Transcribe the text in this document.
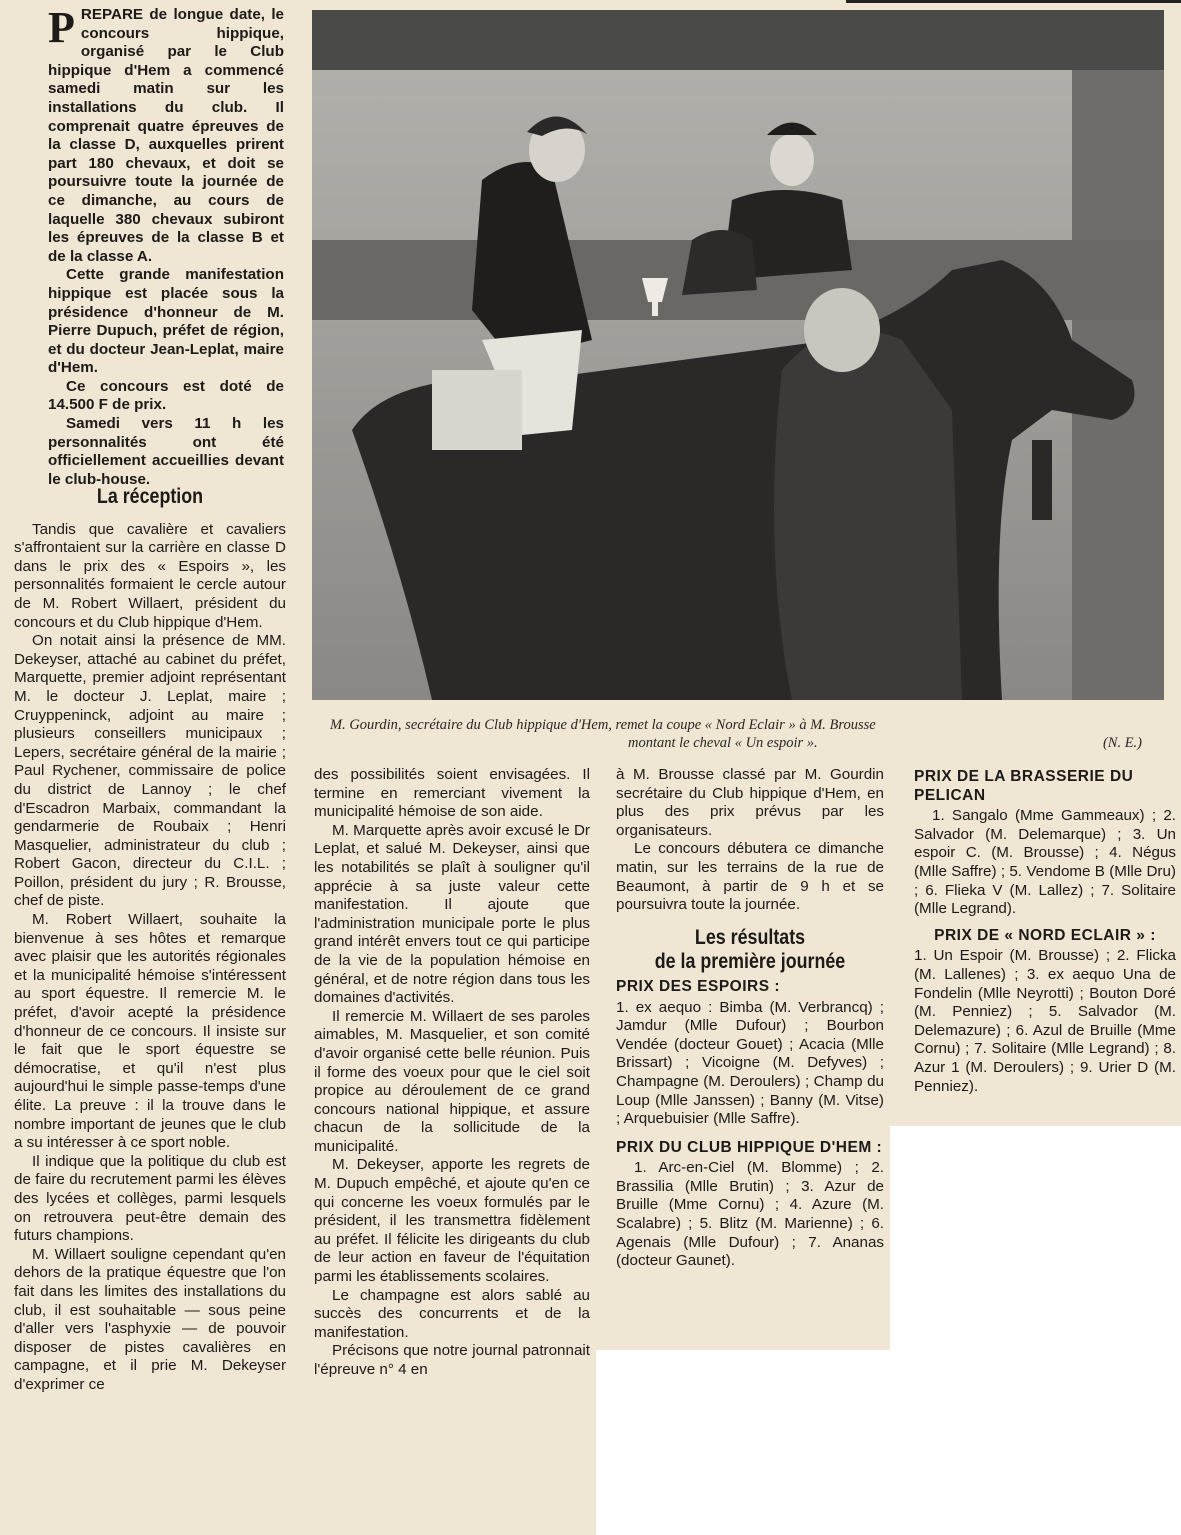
PREPARE de longue date, le concours hippique, organisé par le Club hippique d'Hem a commencé samedi matin sur les installations du club. Il comprenait quatre épreuves de la classe D, auxquelles prirent part 180 chevaux, et doit se poursuivre toute la journée de ce dimanche, au cours de laquelle 380 chevaux subiront les épreuves de la classe B et de la classe A.

Cette grande manifestation hippique est placée sous la présidence d'honneur de M. Pierre Dupuch, préfet de région, et du docteur Jean-Leplat, maire d'Hem.

Ce concours est doté de 14.500 F de prix.

Samedi vers 11 h les personnalités ont été officiellement accueillies devant le club-house.

La réception

Tandis que cavalière et cavaliers s'affrontaient sur la carrière en classe D dans le prix des « Espoirs », les personnalités formaient le cercle autour de M. Robert Willaert, président du concours et du Club hippique d'Hem.

On notait ainsi la présence de MM. Dekeyser, attaché au cabinet du préfet, Marquette, premier adjoint représentant M. le docteur J. Leplat, maire ; Cruyppeninck, adjoint au maire ; plusieurs conseillers municipaux ; Lepers, secrétaire général de la mairie ; Paul Rychener, commissaire de police du district de Lannoy ; le chef d'Escadron Marbaix, commandant la gendarmerie de Roubaix ; Henri Masquelier, administrateur du club ; Robert Gacon, directeur du C.I.L. ; Poillon, président du jury ; R. Brousse, chef de piste.

M. Robert Willaert, souhaite la bienvenue à ses hôtes et remarque avec plaisir que les autorités régionales et la municipalité hémoise s'intéressent au sport équestre. Il remercie M. le préfet, d'avoir acepté la présidence d'honneur de ce concours. Il insiste sur le fait que le sport équestre se démocratise, et qu'il n'est plus aujourd'hui le simple passe-temps d'une élite. La preuve : il la trouve dans le nombre important de jeunes que le club a su intéresser à ce sport noble.

Il indique que la politique du club est de faire du recrutement parmi les élèves des lycées et collèges, parmi lesquels on retrouvera peut-être demain des futurs champions.

M. Willaert souligne cependant qu'en dehors de la pratique équestre que l'on fait dans les limites des installations du club, il est souhaitable — sous peine d'aller vers l'asphyxie — de pouvoir disposer de pistes cavalières en campagne, et il prie M. Dekeyser d'exprimer ce

M. Gourdin, secrétaire du Club hippique d'Hem, remet la coupe « Nord Eclair » à M. Brousse
montant le cheval « Un espoir ».	(N. E.)

des possibilités soient envisagées. Il termine en remerciant vivement la municipalité hémoise de son aide.

M. Marquette après avoir excusé le Dr Leplat, et salué M. Dekeyser, ainsi que les notabilités se plaît à souligner qu'il apprécie à sa juste valeur cette manifestation. Il ajoute que l'administration municipale porte le plus grand intérêt envers tout ce qui participe de la vie de la population hémoise en général, et de notre région dans tous les domaines d'activités.

Il remercie M. Willaert de ses paroles aimables, M. Masquelier, et son comité d'avoir organisé cette belle réunion. Puis il forme des voeux pour que le ciel soit propice au déroulement de ce grand concours national hippique, et assure chacun de la sollicitude de la municipalité.

M. Dekeyser, apporte les regrets de M. Dupuch empêché, et ajoute qu'en ce qui concerne les voeux formulés par le président, il les transmettra fidèlement au préfet. Il félicite les dirigeants du club de leur action en faveur de l'équitation parmi les établissements scolaires.

Le champagne est alors sablé au succès des concurrents et de la manifestation.

Précisons que notre journal patronnait l'épreuve n° 4 en

à M. Brousse classé par M. Gourdin secrétaire du Club hippique d'Hem, en plus des prix prévus par les organisateurs.

Le concours débutera ce dimanche matin, sur les terrains de la rue de Beaumont, à partir de 9 h et se poursuivra toute la journée.

Les résultats
de la première journée
PRIX DES ESPOIRS :

1. ex aequo : Bimba (M. Verbrancq) ; Jamdur (Mlle Dufour) ; Bourbon Vendée (docteur Gouet) ; Acacia (Mlle Brissart) ; Vicoigne (M. Defyves) ; Champagne (M. Deroulers) ; Champ du Loup (Mlle Janssen) ; Banny (M. Vitse) ; Arquebuisier (Mlle Saffre).

PRIX DU CLUB HIPPIQUE D'HEM :

1. Arc-en-Ciel (M. Blomme) ; 2. Brassilia (Mlle Brutin) ; 3. Azur de Bruille (Mme Cornu) ; 4. Azure (M. Scalabre) ; 5. Blitz (M. Marienne) ; 6. Agenais (Mlle Dufour) ; 7. Ananas (docteur Gaunet).

PRIX DE LA BRASSERIE DU PELICAN

1. Sangalo (Mme Gammeaux) ; 2. Salvador (M. Delemarque) ; 3. Un espoir C. (M. Brousse) ; 4. Négus (Mlle Saffre) ; 5. Vendome B (Mlle Dru) ; 6. Flieka V (M. Lallez) ; 7. Solitaire (Mlle Legrand).

PRIX DE « NORD ECLAIR » :

1. Un Espoir (M. Brousse) ; 2. Flicka (M. Lallenes) ; 3. ex aequo Una de Fondelin (Mlle Neyrotti) ; Bouton Doré (M. Penniez) ; 5. Salvador (M. Delemazure) ; 6. Azul de Bruille (Mme Cornu) ; 7. Solitaire (Mlle Legrand) ; 8. Azur 1 (M. Deroulers) ; 9. Urier D (M. Penniez).
